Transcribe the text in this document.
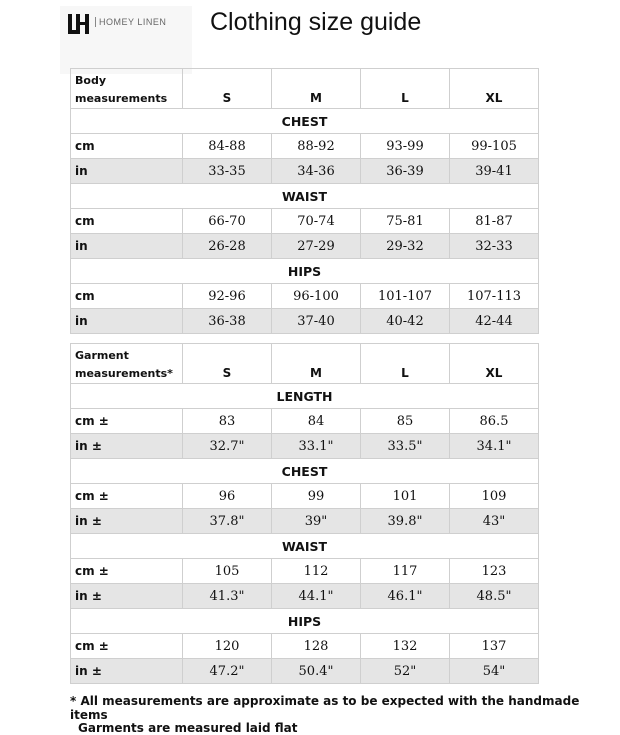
HOMEY LINEN Clothing size guide
Body
measurements	S	M	L	XL
CHEST				
cm	84-88	88-92	93-99	99-105
in	33-35	34-36	36-39	39-41
WAIST				
cm	66-70	70-74	75-81	81-87
in	26-28	27-29	29-32	32-33
HIPS				
cm	92-96	96-100	101-107	107-113
in	36-38	37-40	40-42	42-44
Garment
measurements*	S	M	L	XL
LENGTH				
cm ±	83	84	85	86.5
in ±	32.7"	33.1"	33.5"	34.1"
CHEST				
cm ±	96	99	101	109
in ±	37.8"	39"	39.8"	43"
WAIST				
cm ±	105	112	117	123
in ±	41.3"	44.1"	46.1"	48.5"
HIPS				
cm ±	120	128	132	137
in ±	47.2"	50.4"	52"	54"

* All measurements are approximate as to be expected with the handmade items

Garments are measured laid flat
